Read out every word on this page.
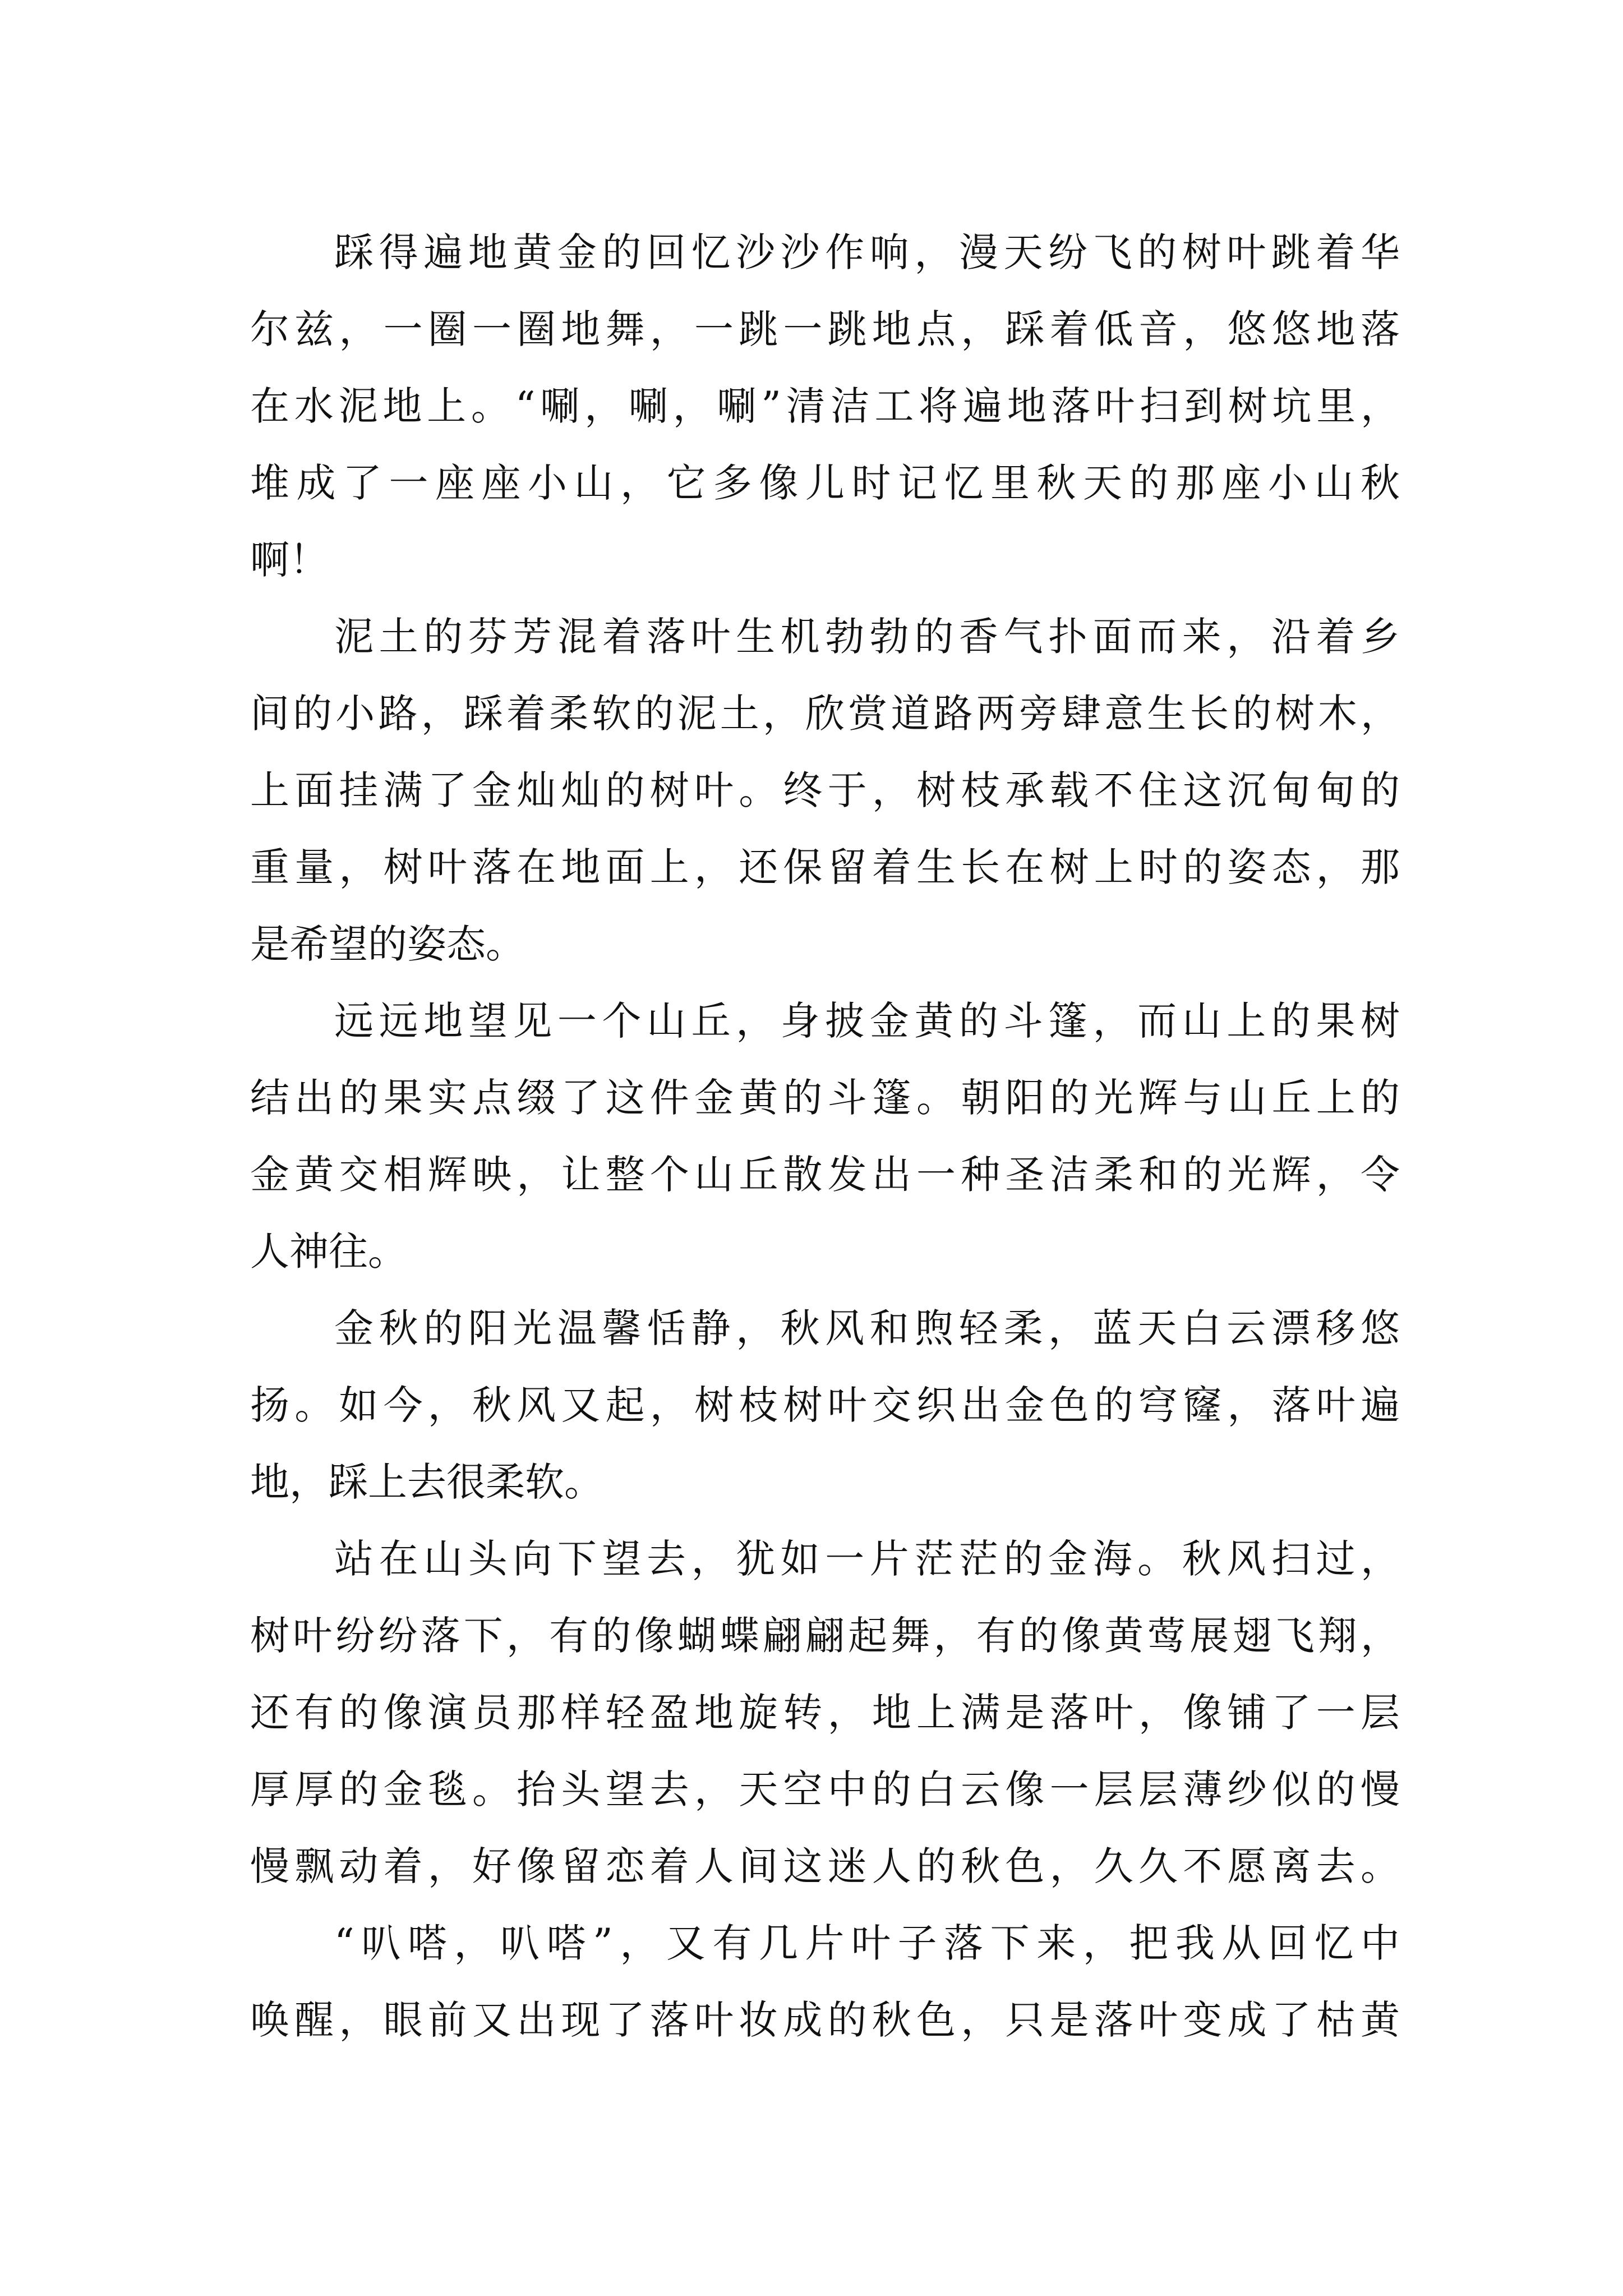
踩得遍地黄金的回忆沙沙作响，漫天纷飞的树叶跳着华
尔兹，一圈一圈地舞，一跳一跳地点，踩着低音，悠悠地落
在水泥地上。“唰，唰，唰”清洁工将遍地落叶扫到树坑里，
堆成了一座座小山，它多像儿时记忆里秋天的那座小山秋
啊！
泥土的芬芳混着落叶生机勃勃的香气扑面而来，沿着乡
间的小路，踩着柔软的泥土，欣赏道路两旁肆意生长的树木，
上面挂满了金灿灿的树叶。终于，树枝承载不住这沉甸甸的
重量，树叶落在地面上，还保留着生长在树上时的姿态，那
是希望的姿态。
远远地望见一个山丘，身披金黄的斗篷，而山上的果树
结出的果实点缀了这件金黄的斗篷。朝阳的光辉与山丘上的
金黄交相辉映，让整个山丘散发出一种圣洁柔和的光辉，令
人神往。
金秋的阳光温馨恬静，秋风和煦轻柔，蓝天白云漂移悠
扬。如今，秋风又起，树枝树叶交织出金色的穹窿，落叶遍
地，踩上去很柔软。
站在山头向下望去，犹如一片茫茫的金海。秋风扫过，
树叶纷纷落下，有的像蝴蝶翩翩起舞，有的像黄莺展翅飞翔，
还有的像演员那样轻盈地旋转，地上满是落叶，像铺了一层
厚厚的金毯。抬头望去，天空中的白云像一层层薄纱似的慢
慢飘动着，好像留恋着人间这迷人的秋色，久久不愿离去。
“叭嗒，叭嗒”，又有几片叶子落下来，把我从回忆中
唤醒，眼前又出现了落叶妆成的秋色，只是落叶变成了枯黄
